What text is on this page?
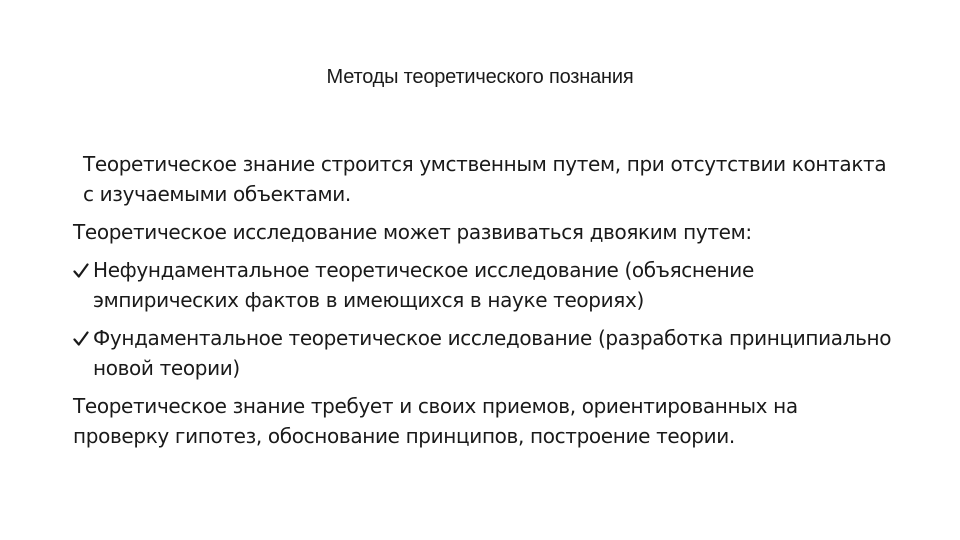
Методы теоретического познания

Теоретическое знание строится умственным путем, при отсутствии контакта с изучаемыми объектами.

Теоретическое исследование может развиваться двояким путем:

Нефундаментальное теоретическое исследование (объяснение эмпирических фактов в имеющихся в науке теориях)
Фундаментальное теоретическое исследование (разработка принципиально новой теории)

Теоретическое знание требует и своих приемов, ориентированных на проверку гипотез, обоснование принципов, построение теории.
